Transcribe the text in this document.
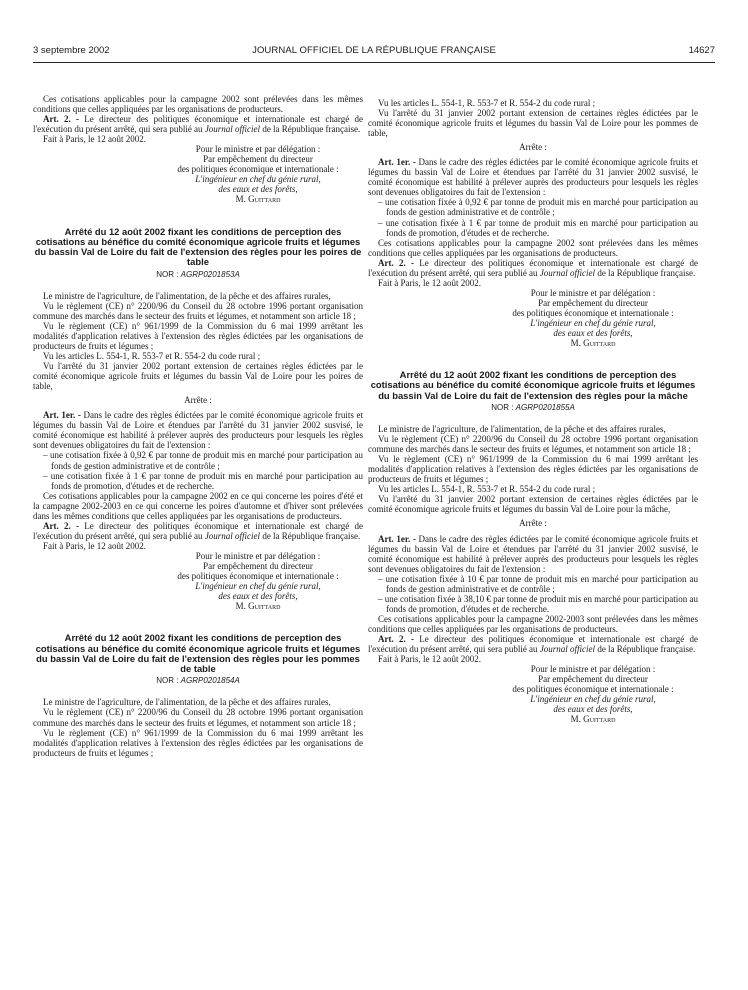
3 septembre 2002	JOURNAL OFFICIEL DE LA RÉPUBLIQUE FRANÇAISE	14627

Ces cotisations applicables pour la campagne 2002 sont prélevées dans les mêmes conditions que celles appliquées par les organisations de producteurs.

Art. 2. - Le directeur des politiques économique et internationale est chargé de l'exécution du présent arrêté, qui sera publié au Journal officiel de la République française.

Fait à Paris, le 12 août 2002.

Pour le ministre et par délégation :

Par empêchement du directeur

des politiques économique et internationale :

L'ingénieur en chef du génie rural,

des eaux et des forêts,

M. Guittard

Arrêté du 12 août 2002 fixant les conditions de perception des cotisations au bénéfice du comité économique agricole fruits et légumes du bassin Val de Loire du fait de l'extension des règles pour les poires de table

NOR : AGRP0201853A

Le ministre de l'agriculture, de l'alimentation, de la pêche et des affaires rurales,

Vu le règlement (CE) n° 2200/96 du Conseil du 28 octobre 1996 portant organisation commune des marchés dans le secteur des fruits et légumes, et notamment son article 18 ;

Vu le règlement (CE) n° 961/1999 de la Commission du 6 mai 1999 arrêtant les modalités d'application relatives à l'extension des règles édictées par les organisations de producteurs de fruits et légumes ;

Vu les articles L. 554-1, R. 553-7 et R. 554-2 du code rural ;

Vu l'arrêté du 31 janvier 2002 portant extension de certaines règles édictées par le comité économique agricole fruits et légumes du bassin Val de Loire pour les poires de table,

Arrête :

Art. 1er. - Dans le cadre des règles édictées par le comité économique agricole fruits et légumes du bassin Val de Loire et étendues par l'arrêté du 31 janvier 2002 susvisé, le comité économique est habilité à prélever auprès des producteurs pour lesquels les règles sont devenues obligatoires du fait de l'extension :

– une cotisation fixée à 0,92 € par tonne de produit mis en marché pour participation au fonds de gestion administrative et de contrôle ;

– une cotisation fixée à 1 € par tonne de produit mis en marché pour participation au fonds de promotion, d'études et de recherche.

Ces cotisations applicables pour la campagne 2002 en ce qui concerne les poires d'été et la campagne 2002-2003 en ce qui concerne les poires d'automne et d'hiver sont prélevées dans les mêmes conditions que celles appliquées par les organisations de producteurs.

Art. 2. - Le directeur des politiques économique et internationale est chargé de l'exécution du présent arrêté, qui sera publié au Journal officiel de la République française.

Fait à Paris, le 12 août 2002.

Pour le ministre et par délégation :

Par empêchement du directeur

des politiques économique et internationale :

L'ingénieur en chef du génie rural,

des eaux et des forêts,

M. Guittard

Arrêté du 12 août 2002 fixant les conditions de perception des cotisations au bénéfice du comité économique agricole fruits et légumes du bassin Val de Loire du fait de l'extension des règles pour les pommes de table

NOR : AGRP0201854A

Le ministre de l'agriculture, de l'alimentation, de la pêche et des affaires rurales,

Vu le règlement (CE) n° 2200/96 du Conseil du 28 octobre 1996 portant organisation commune des marchés dans le secteur des fruits et légumes, et notamment son article 18 ;

Vu le règlement (CE) n° 961/1999 de la Commission du 6 mai 1999 arrêtant les modalités d'application relatives à l'extension des règles édictées par les organisations de producteurs de fruits et légumes ;

Vu les articles L. 554-1, R. 553-7 et R. 554-2 du code rural ;

Vu l'arrêté du 31 janvier 2002 portant extension de certaines règles édictées par le comité économique agricole fruits et légumes du bassin Val de Loire pour les pommes de table,

Arrête :

Art. 1er. - Dans le cadre des règles édictées par le comité économique agricole fruits et légumes du bassin Val de Loire et étendues par l'arrêté du 31 janvier 2002 susvisé, le comité économique est habilité à prélever auprès des producteurs pour lesquels les règles sont devenues obligatoires du fait de l'extension :

– une cotisation fixée à 0,92 € par tonne de produit mis en marché pour participation au fonds de gestion administrative et de contrôle ;

– une cotisation fixée à 1 € par tonne de produit mis en marché pour participation au fonds de promotion, d'études et de recherche.

Ces cotisations applicables pour la campagne 2002 sont prélevées dans les mêmes conditions que celles appliquées par les organisations de producteurs.

Art. 2. - Le directeur des politiques économique et internationale est chargé de l'exécution du présent arrêté, qui sera publié au Journal officiel de la République française.

Fait à Paris, le 12 août 2002.

Pour le ministre et par délégation :

Par empêchement du directeur

des politiques économique et internationale :

L'ingénieur en chef du génie rural,

des eaux et des forêts,

M. Guittard

Arrêté du 12 août 2002 fixant les conditions de perception des cotisations au bénéfice du comité économique agricole fruits et légumes du bassin Val de Loire du fait de l'extension des règles pour la mâche

NOR : AGRP0201855A

Le ministre de l'agriculture, de l'alimentation, de la pêche et des affaires rurales,

Vu le règlement (CE) n° 2200/96 du Conseil du 28 octobre 1996 portant organisation commune des marchés dans le secteur des fruits et légumes, et notamment son article 18 ;

Vu le règlement (CE) n° 961/1999 de la Commission du 6 mai 1999 arrêtant les modalités d'application relatives à l'extension des règles édictées par les organisations de producteurs de fruits et légumes ;

Vu les articles L. 554-1, R. 553-7 et R. 554-2 du code rural ;

Vu l'arrêté du 31 janvier 2002 portant extension de certaines règles édictées par le comité économique agricole fruits et légumes du bassin Val de Loire pour la mâche,

Arrête :

Art. 1er. - Dans le cadre des règles édictées par le comité économique agricole fruits et légumes du bassin Val de Loire et étendues par l'arrêté du 31 janvier 2002 susvisé, le comité économique est habilité à prélever auprès des producteurs pour lesquels les règles sont devenues obligatoires du fait de l'extension :

– une cotisation fixée à 10 € par tonne de produit mis en marché pour participation au fonds de gestion administrative et de contrôle ;

– une cotisation fixée à 38,10 € par tonne de produit mis en marché pour participation au fonds de promotion, d'études et de recherche.

Ces cotisations applicables pour la campagne 2002-2003 sont prélevées dans les mêmes conditions que celles appliquées par les organisations de producteurs.

Art. 2. - Le directeur des politiques économique et internationale est chargé de l'exécution du présent arrêté, qui sera publié au Journal officiel de la République française.

Fait à Paris, le 12 août 2002.

Pour le ministre et par délégation :

Par empêchement du directeur

des politiques économique et internationale :

L'ingénieur en chef du génie rural,

des eaux et des forêts,

M. Guittard
